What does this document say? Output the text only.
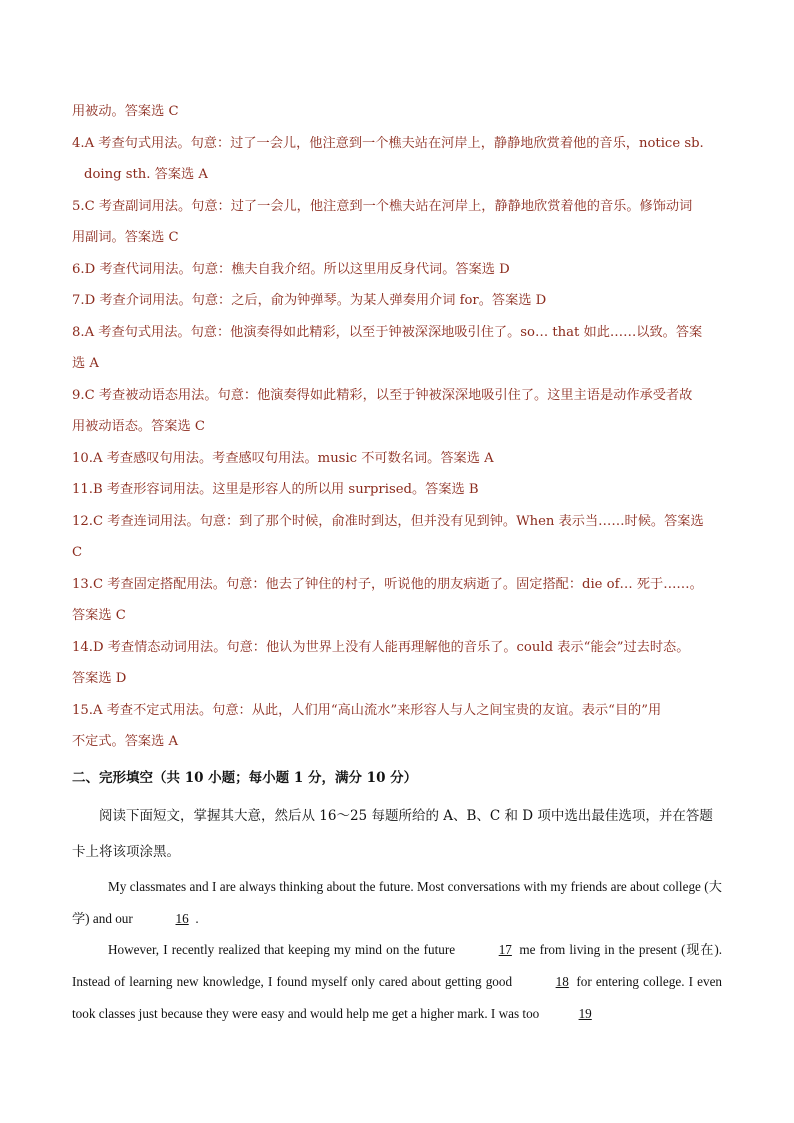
用被动。答案选 C

4.A 考查句式用法。句意：过了一会儿，他注意到一个樵夫站在河岸上，静静地欣赏着他的音乐，notice sb.

doing sth. 答案选 A

5.C 考查副词用法。句意：过了一会儿，他注意到一个樵夫站在河岸上，静静地欣赏着他的音乐。修饰动词

用副词。答案选 C

6.D 考查代词用法。句意：樵夫自我介绍。所以这里用反身代词。答案选 D

7.D 考查介词用法。句意：之后，俞为钟弹琴。为某人弹奏用介词 for。答案选 D

8.A 考查句式用法。句意：他演奏得如此精彩，以至于钟被深深地吸引住了。so… that 如此……以致。答案

选 A

9.C 考查被动语态用法。句意：他演奏得如此精彩，以至于钟被深深地吸引住了。这里主语是动作承受者故

用被动语态。答案选 C

10.A 考查感叹句用法。考查感叹句用法。music 不可数名词。答案选 A

11.B 考查形容词用法。这里是形容人的所以用 surprised。答案选 B

12.C 考查连词用法。句意：到了那个时候，俞准时到达，但并没有见到钟。When 表示当……时候。答案选

C

13.C 考查固定搭配用法。句意：他去了钟住的村子，听说他的朋友病逝了。固定搭配：die of… 死于……。

答案选 C

14.D 考查情态动词用法。句意：他认为世界上没有人能再理解他的音乐了。could 表示“能会”过去时态。

答案选 D

15.A 考查不定式用法。句意：从此，人们用“高山流水”来形容人与人之间宝贵的友谊。表示“目的”用

不定式。答案选 A

二、完形填空（共 10 小题；每小题 1 分，满分 10 分）

阅读下面短文，掌握其大意，然后从 16～25 每题所给的 A、B、C 和 D 项中选出最佳选项，并在答题卡上将该项涂黑。

My classmates and I are always thinking about the future. Most conversations with my friends are about college (大学) and our	16 .

However, I recently realized that keeping my mind on the future	17 me from living in the present (现在). Instead of learning new knowledge, I found myself only cared about getting good	18 for entering college. I even took classes just because they were easy and would help me get a higher mark. I was too	19
